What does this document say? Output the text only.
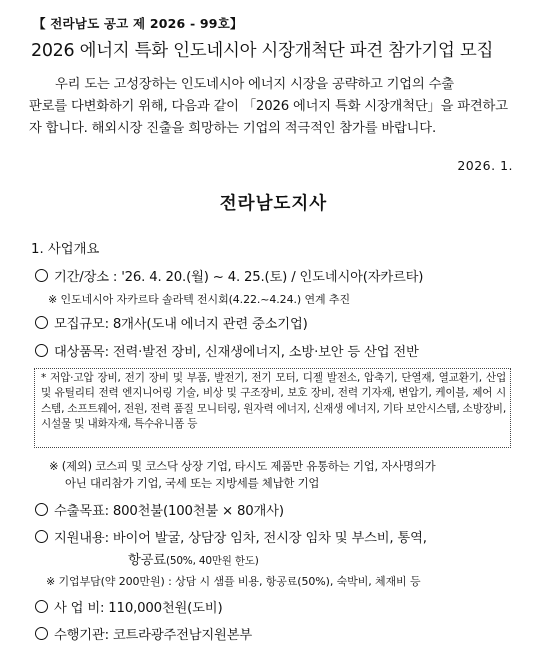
【 전라남도 공고 제 2026 - 99호】
2026 에너지 특화 인도네시아 시장개척단 파견 참가기업 모집

우리 도는 고성장하는 인도네시아 에너지 시장을 공략하고 기업의 수출

판로를 다변화하기 위해, 다음과 같이 「2026 에너지 특화 시장개척단」을 파견하고

자 합니다. 해외시장 진출을 희망하는 기업의 적극적인 참가를 바랍니다.

2026. 1.
전라남도지사
1. 사업개요
기간/장소 : '26. 4. 20.(월) ~ 4. 25.(토) / 인도네시아(자카르타)
※ 인도네시아 자카르타 솔라텍 전시회(4.22.~4.24.) 연계 추진
모집규모: 8개사(도내 에너지 관련 중소기업)
대상품목: 전력·발전 장비, 신재생에너지, 소방·보안 등 산업 전반
* 저압·고압 장비, 전기 장비 및 부품, 발전기, 전기 모터, 디젤 발전소, 압축기, 단열재, 열교환기, 산업 및 유틸리티 전력 엔지니어링 기술, 비상 및 구조장비, 보호 장비, 전력 기자재, 변압기, 케이블, 제어 시스템, 소프트웨어, 전원, 전력 품질 모니터링, 원자력 에너지, 신재생 에너지, 기타 보안시스템, 소방장비, 시설물 및 내화자재, 특수유니폼 등
※ (제외) 코스피 및 코스닥 상장 기업, 타시도 제품만 유통하는 기업, 자사명의가
아닌 대리참가 기업, 국세 또는 지방세를 체납한 기업
수출목표: 800천불(100천불 × 80개사)
지원내용: 바이어 발굴, 상담장 임차, 전시장 임차 및 부스비, 통역,
항공료(50%, 40만원 한도)
※ 기업부담(약 200만원) : 상담 시 샘플 비용, 항공료(50%), 숙박비, 체재비 등
사 업 비: 110,000천원(도비)
수행기관: 코트라광주전남지원본부
